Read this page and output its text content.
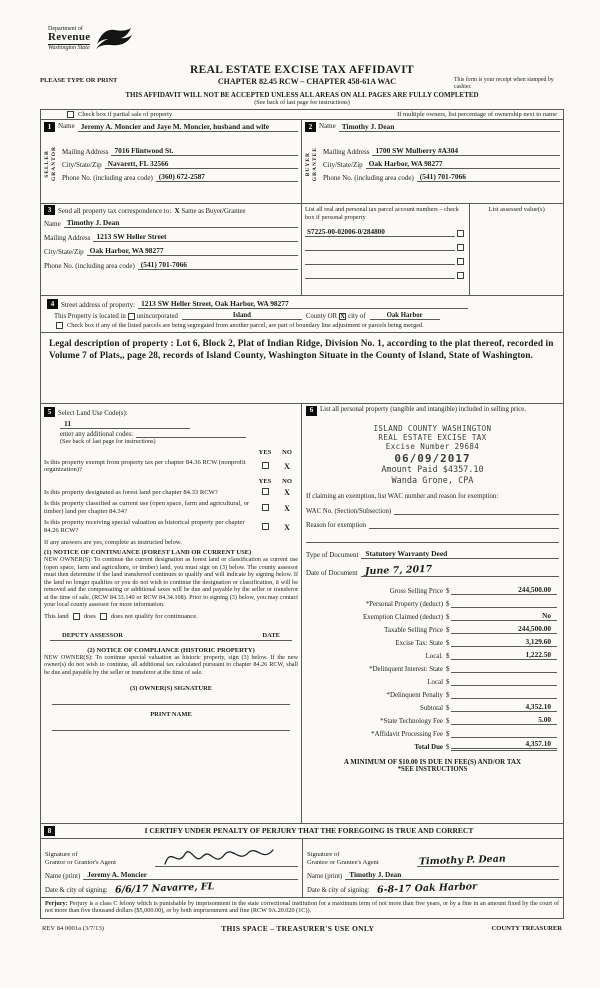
Department of
Revenue
Washington State
REAL ESTATE EXCISE TAX AFFIDAVIT
PLEASE TYPE OR PRINT	CHAPTER 82.45 RCW – CHAPTER 458-61A WAC	This form is your receipt when stamped by cashier.
THIS AFFIDAVIT WILL NOT BE ACCEPTED UNLESS ALL AREAS ON ALL PAGES ARE FULLY COMPLETED
(See back of last page for instructions)
Check box if partial sale of property	If multiple owners, list percentage of ownership next to name
1 Name Jeremy A. Moncier and Jaye M. Moncier, husband and wife
SELLER GRANTOR Mailing Address 7016 Flintwood St.
City/State/Zip Navarett, FL 32566
Phone No. (including area code) (360) 672-2587
2 Name Timothy J. Dean
BUYER GRANTEE Mailing Address 1700 SW Mulberry #A304
City/State/Zip Oak Harbor, WA 98277
Phone No. (including area code) (541) 701-7066
3 Send all property tax correspondence to: X
Same as Buyer/Grantee
Name Timothy J. Dean
Mailing Address 1213 SW Heller Street
City/State/Zip Oak Harbor, WA 98277
Phone No. (including area code) (541) 701-7066
List all real and personal tax parcel account numbers – check box if personal property
S7225-00-02006-0/284800
List assessed value(s)
4 Street address of property: 1213 SW Heller Street, Oak Harbor, WA 98277
This Property is located in unincorporated	Island	County OR X city of	Oak Harbor
Check box if any of the listed parcels are being segregated from another parcel, are part of boundary line adjustment or parcels being merged.

Legal description of property : Lot 6, Block 2, Plat of Indian Ridge, Division No. 1, according to the plat thereof, recorded in Volume 7 of Plats,, page 28, records of Island County, Washington Situate in the County of Island, State of Washington.

5 Select Land Use Code(s):
11
enter any additional codes:
(See back of last page for instructions)
YES	NO
Is this property exempt from property tax per chapter 84.36 RCW (nonprofit organization)?	X
YES	NO
Is this property designated as forest land per chapter 84.33 RCW?	X
Is this property classified as current use (open space, farm and agricultural, or timber) land per chapter 84.34?	X
Is this property receiving special valuation as historical property per chapter 84.26 RCW?	X
If any answers are yes, complete as instructed below.
(1) NOTICE OF CONTINUANCE (FOREST LAND OR CURRENT USE)
NEW OWNER(S): To continue the current designation as forest land or classification as current use (open space, farm and agriculture, or timber) land, you must sign on (3) below. The county assessor must then determine if the land transferred continues to qualify and will indicate by signing below. If the land no longer qualifies or you do not wish to continue the designation or classification, it will be removed and the compensating or additional taxes will be due and payable by the seller or transferor at the time of sale. (RCW 84.33.140 or RCW 84.34.108). Prior to signing (3) below, you may contact your local county assessor for more information.
This land does does not qualify for continuance.
DEPUTY ASSESSOR	DATE
(2) NOTICE OF COMPLIANCE (HISTORIC PROPERTY)
NEW OWNER(S): To continue special valuation as historic property, sign (3) below. If the new owner(s) do not wish to continue, all additional tax calculated pursuant to chapter 84.26 RCW, shall be due and payable by the seller or transferor at the time of sale.
(3) OWNER(S) SIGNATURE
PRINT NAME
6 List all personal property (tangible and intangible) included in selling price.
ISLAND COUNTY WASHINGTON
REAL ESTATE EXCISE TAX
Excise Number 29684
06/09/2017
Amount Paid $4357.10
Wanda Grone, CPA
If claiming an exemption, list WAC number and reason for exemption:
WAC No. (Section/Subsection)
Reason for exemption
Type of Document Statutory Warranty Deed
Date of Document June 7, 2017
Gross Selling Price $	244,500.00
*Personal Property (deduct) $
Exemption Claimed (deduct) $	No
Taxable Selling Price $	244,500.00
Excise Tax: State $	3,129.60
Local. $	1,222.50
*Delinquent Interest: State $
Local $
*Delinquent Penalty $
Subtotal $	4,352.10
*State Technology Fee $	5.00
*Affidavit Processing Fee $
Total Due $	4,357.10
A MINIMUM OF $10.00 IS DUE IN FEE(S) AND/OR TAX
*SEE INSTRUCTIONS
8	I CERTIFY UNDER PENALTY OF PERJURY THAT THE FOREGOING IS TRUE AND CORRECT
Signature of
Grantor or Grantor's Agent
Name (print) Jeremy A. Moncier
Date & city of signing: 6/6/17 Navarre, FL
Signature of
Grantee or Grantee's Agent	Timothy P. Dean
Name (print) Timothy J. Dean
Date & city of signing: 6-8-17 Oak Harbor
Perjury: Perjury is a class C felony which is punishable by imprisonment in the state correctional institution for a maximum term of not more than five years, or by a fine in an amount fixed by the court of not more than five thousand dollars ($5,000.00), or by both imprisonment and fine (RCW 9A.20.020 (1C)).
REV 84 0001a (3/7/13)	THIS SPACE – TREASURER'S USE ONLY	COUNTY TREASURER
